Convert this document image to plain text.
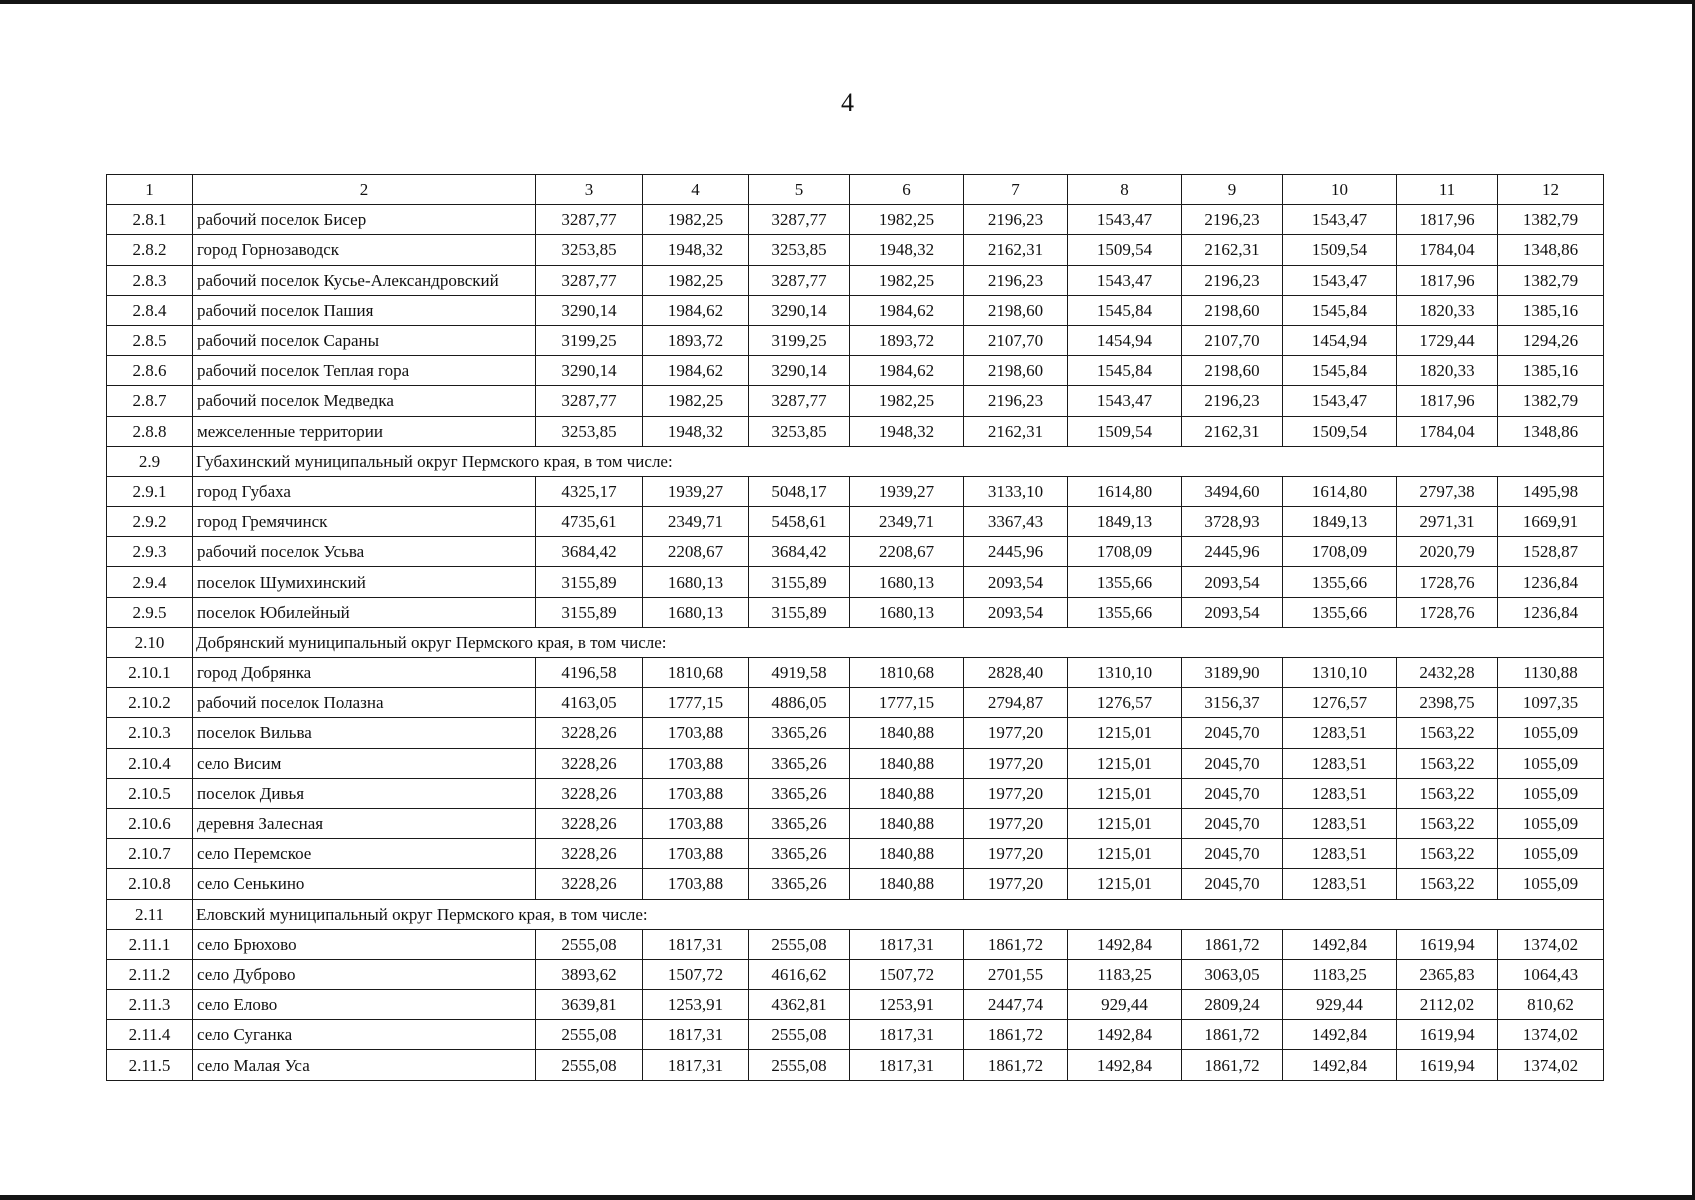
4
1	2	3	4	5	6	7	8	9	10	11	12
2.8.1	рабочий поселок Бисер	3287,77	1982,25	3287,77	1982,25	2196,23	1543,47	2196,23	1543,47	1817,96	1382,79
2.8.2	город Горнозаводск	3253,85	1948,32	3253,85	1948,32	2162,31	1509,54	2162,31	1509,54	1784,04	1348,86
2.8.3	рабочий поселок Кусье-Александровский	3287,77	1982,25	3287,77	1982,25	2196,23	1543,47	2196,23	1543,47	1817,96	1382,79
2.8.4	рабочий поселок Пашия	3290,14	1984,62	3290,14	1984,62	2198,60	1545,84	2198,60	1545,84	1820,33	1385,16
2.8.5	рабочий поселок Сараны	3199,25	1893,72	3199,25	1893,72	2107,70	1454,94	2107,70	1454,94	1729,44	1294,26
2.8.6	рабочий поселок Теплая гора	3290,14	1984,62	3290,14	1984,62	2198,60	1545,84	2198,60	1545,84	1820,33	1385,16
2.8.7	рабочий поселок Медведка	3287,77	1982,25	3287,77	1982,25	2196,23	1543,47	2196,23	1543,47	1817,96	1382,79
2.8.8	межселенные территории	3253,85	1948,32	3253,85	1948,32	2162,31	1509,54	2162,31	1509,54	1784,04	1348,86
2.9	Губахинский муниципальный округ Пермского края, в том числе:										
2.9.1	город Губаха	4325,17	1939,27	5048,17	1939,27	3133,10	1614,80	3494,60	1614,80	2797,38	1495,98
2.9.2	город Гремячинск	4735,61	2349,71	5458,61	2349,71	3367,43	1849,13	3728,93	1849,13	2971,31	1669,91
2.9.3	рабочий поселок Усьва	3684,42	2208,67	3684,42	2208,67	2445,96	1708,09	2445,96	1708,09	2020,79	1528,87
2.9.4	поселок Шумихинский	3155,89	1680,13	3155,89	1680,13	2093,54	1355,66	2093,54	1355,66	1728,76	1236,84
2.9.5	поселок Юбилейный	3155,89	1680,13	3155,89	1680,13	2093,54	1355,66	2093,54	1355,66	1728,76	1236,84
2.10	Добрянский муниципальный округ Пермского края, в том числе:										
2.10.1	город Добрянка	4196,58	1810,68	4919,58	1810,68	2828,40	1310,10	3189,90	1310,10	2432,28	1130,88
2.10.2	рабочий поселок Полазна	4163,05	1777,15	4886,05	1777,15	2794,87	1276,57	3156,37	1276,57	2398,75	1097,35
2.10.3	поселок Вильва	3228,26	1703,88	3365,26	1840,88	1977,20	1215,01	2045,70	1283,51	1563,22	1055,09
2.10.4	село Висим	3228,26	1703,88	3365,26	1840,88	1977,20	1215,01	2045,70	1283,51	1563,22	1055,09
2.10.5	поселок Дивья	3228,26	1703,88	3365,26	1840,88	1977,20	1215,01	2045,70	1283,51	1563,22	1055,09
2.10.6	деревня Залесная	3228,26	1703,88	3365,26	1840,88	1977,20	1215,01	2045,70	1283,51	1563,22	1055,09
2.10.7	село Перемское	3228,26	1703,88	3365,26	1840,88	1977,20	1215,01	2045,70	1283,51	1563,22	1055,09
2.10.8	село Сенькино	3228,26	1703,88	3365,26	1840,88	1977,20	1215,01	2045,70	1283,51	1563,22	1055,09
2.11	Еловский муниципальный округ Пермского края, в том числе:										
2.11.1	село Брюхово	2555,08	1817,31	2555,08	1817,31	1861,72	1492,84	1861,72	1492,84	1619,94	1374,02
2.11.2	село Дуброво	3893,62	1507,72	4616,62	1507,72	2701,55	1183,25	3063,05	1183,25	2365,83	1064,43
2.11.3	село Елово	3639,81	1253,91	4362,81	1253,91	2447,74	929,44	2809,24	929,44	2112,02	810,62
2.11.4	село Суганка	2555,08	1817,31	2555,08	1817,31	1861,72	1492,84	1861,72	1492,84	1619,94	1374,02
2.11.5	село Малая Уса	2555,08	1817,31	2555,08	1817,31	1861,72	1492,84	1861,72	1492,84	1619,94	1374,02
